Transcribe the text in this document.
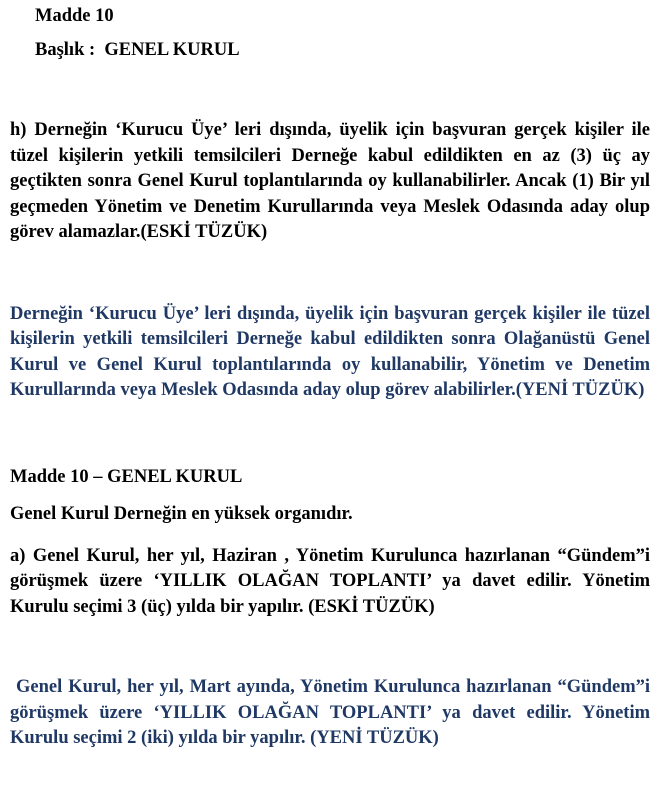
Madde 10
Başlık :  GENEL KURUL

h) Derneğin ‘Kurucu Üye’ leri dışında, üyelik için başvuran gerçek kişiler ile tüzel kişilerin yetkili temsilcileri Derneğe kabul edildikten en az (3) üç ay geçtikten sonra Genel Kurul toplantılarında oy kullanabilirler. Ancak (1) Bir yıl geçmeden Yönetim ve Denetim Kurullarında veya Meslek Odasında aday olup görev alamazlar.(ESKİ TÜZÜK)

Derneğin ‘Kurucu Üye’ leri dışında, üyelik için başvuran gerçek kişiler ile tüzel kişilerin yetkili temsilcileri Derneğe kabul edildikten sonra Olağanüstü Genel Kurul ve Genel Kurul toplantılarında oy kullanabilir, Yönetim ve Denetim Kurullarında veya Meslek Odasında aday olup görev alabilirler.(YENİ TÜZÜK)

Madde 10 – GENEL KURUL

Genel Kurul Derneğin en yüksek organıdır.

a) Genel Kurul, her yıl, Haziran , Yönetim Kurulunca hazırlanan “Gündem”i görüşmek üzere ‘YILLIK OLAĞAN TOPLANTI’ ya davet edilir. Yönetim Kurulu seçimi 3 (üç) yılda bir yapılır. (ESKİ TÜZÜK)

Genel Kurul, her yıl, Mart ayında, Yönetim Kurulunca hazırlanan “Gündem”i görüşmek üzere ‘YILLIK OLAĞAN TOPLANTI’ ya davet edilir. Yönetim Kurulu seçimi 2 (iki) yılda bir yapılır. (YENİ TÜZÜK)
